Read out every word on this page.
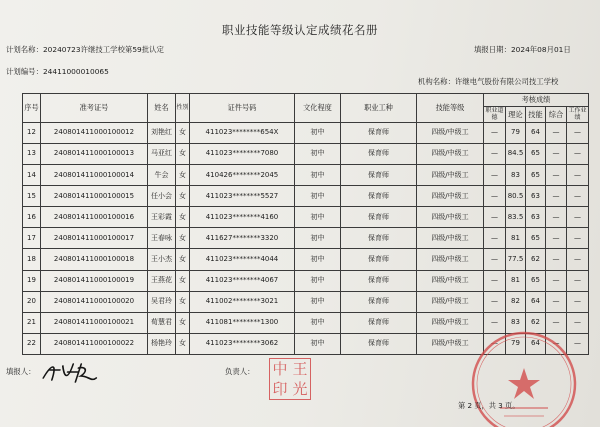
职业技能等级认定成绩花名册
计划名称：20240723许继技工学校第59批认定	填报日期：2024年08月01日
计划编号：24411000010065
机构名称：许继电气股份有限公司技工学校
序号	准考证号	姓名	性别	证件号码	文化程度	职业工种	技能等级	考核成绩				
								职业道德	理论	技能	综合	工作业绩
12	240801411000100012	刘艳红	女	411023********654X	初中	保育师	四级/中级工	—	79	64	—	—
13	240801411000100013	马亚红	女	411023********7080	初中	保育师	四级/中级工	—	84.5	65	—	—
14	240801411000100014	牛会	女	410426********2045	初中	保育师	四级/中级工	—	83	65	—	—
15	240801411000100015	任小会	女	411023********5527	初中	保育师	四级/中级工	—	80.5	63	—	—
16	240801411000100016	王彩霞	女	411023********4160	初中	保育师	四级/中级工	—	83.5	63	—	—
17	240801411000100017	王春咏	女	411627********3320	初中	保育师	四级/中级工	—	81	65	—	—
18	240801411000100018	王小杰	女	411023********4044	初中	保育师	四级/中级工	—	77.5	62	—	—
19	240801411000100019	王燕花	女	411023********4067	初中	保育师	四级/中级工	—	81	65	—	—
20	240801411000100020	吴君玲	女	411002********3021	初中	保育师	四级/中级工	—	82	64	—	—
21	240801411000100021	荀慧君	女	411081********1300	初中	保育师	四级/中级工	—	83	62	—	—
22	240801411000100022	杨艳玲	女	411023********3062	初中	保育师	四级/中级工	—	79	64	—	—
填报人：	负责人： 中 王
印 光
第 2 页，共 3 页。
